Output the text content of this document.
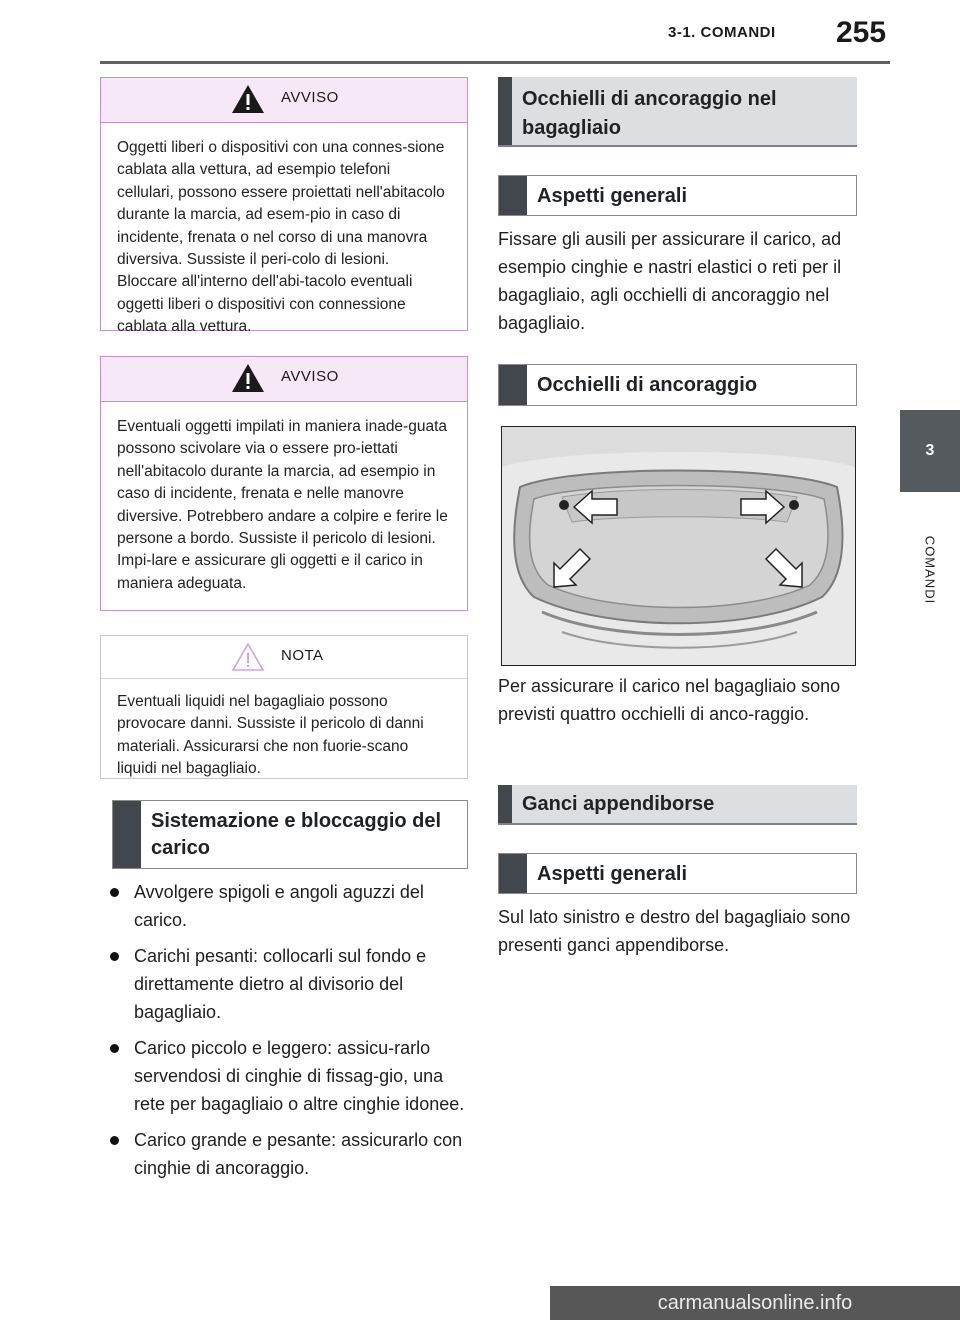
3-1. COMANDI 255
3
COMANDI
AVVISO
Oggetti liberi o dispositivi con una connes-sione cablata alla vettura, ad esempio telefoni cellulari, possono essere proiettati nell'abitacolo durante la marcia, ad esem-pio in caso di incidente, frenata o nel corso di una manovra diversiva. Sussiste il peri-colo di lesioni. Bloccare all'interno dell'abi-tacolo eventuali oggetti liberi o dispositivi con connessione cablata alla vettura.
AVVISO
Eventuali oggetti impilati in maniera inade-guata possono scivolare via o essere pro-iettati nell'abitacolo durante la marcia, ad esempio in caso di incidente, frenata e nelle manovre diversive. Potrebbero andare a colpire e ferire le persone a bordo. Sussiste il pericolo di lesioni. Impi-lare e assicurare gli oggetti e il carico in maniera adeguata.
NOTA
Eventuali liquidi nel bagagliaio possono provocare danni. Sussiste il pericolo di danni materiali. Assicurarsi che non fuorie-scano liquidi nel bagagliaio.
Sistemazione e bloccaggio del carico
Avvolgere spigoli e angoli aguzzi del carico.
Carichi pesanti: collocarli sul fondo e direttamente dietro al divisorio del bagagliaio.
Carico piccolo e leggero: assicu-rarlo servendosi di cinghie di fissag-gio, una rete per bagagliaio o altre cinghie idonee.
Carico grande e pesante: assicurarlo con cinghie di ancoraggio.
Occhielli di ancoraggio nel bagagliaio
Aspetti generali
Fissare gli ausili per assicurare il carico, ad esempio cinghie e nastri elastici o reti per il bagagliaio, agli occhielli di ancoraggio nel bagagliaio.
Occhielli di ancoraggio
Per assicurare il carico nel bagagliaio sono previsti quattro occhielli di anco-raggio.
Ganci appendiborse
Aspetti generali
Sul lato sinistro e destro del bagagliaio sono presenti ganci appendiborse.
carmanualsonline.info
